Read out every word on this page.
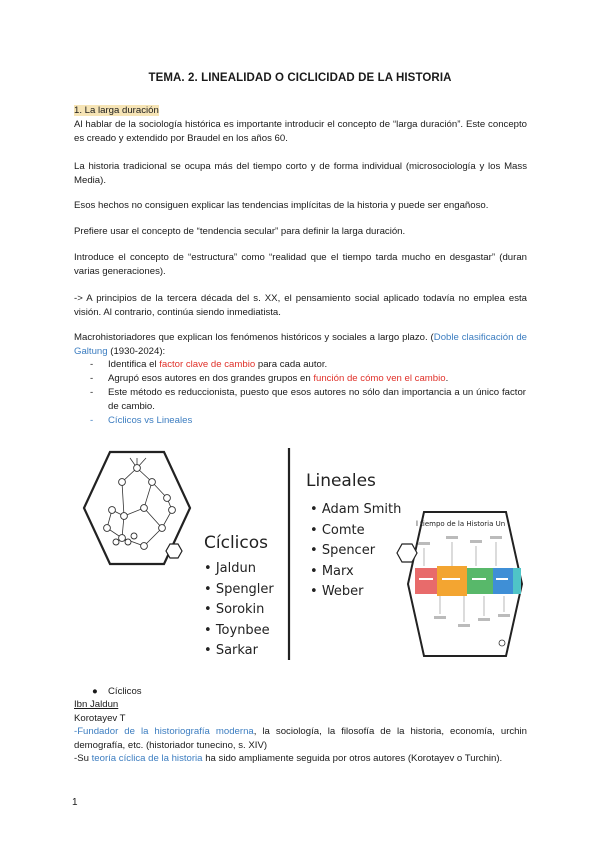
TEMA. 2. LINEALIDAD O CICLICIDAD DE LA HISTORIA
1. La larga duración
Al hablar de la sociología histórica es importante introducir el concepto de “larga duración”. Este concepto es creado y extendido por Braudel en los años 60.
La historia tradicional se ocupa más del tiempo corto y de forma individual (microsociología y los Mass Media).
Esos hechos no consiguen explicar las tendencias implícitas de la historia y puede ser engañoso.
Prefiere usar el concepto de “tendencia secular” para definir la larga duración.
Introduce el concepto de “estructura” como “realidad que el tiempo tarda mucho en desgastar” (duran varias generaciones).
-> A principios de la tercera década del s. XX, el pensamiento social aplicado todavía no emplea esta visión. Al contrario, continúa siendo inmediatista.
Macrohistoriadores que explican los fenómenos históricos y sociales a largo plazo. (Doble clasificación de Galtung (1930-2024):
- Identifica el factor clave de cambio para cada autor.
- Agrupó esos autores en dos grandes grupos en función de cómo ven el cambio.
- Este método es reduccionista, puesto que esos autores no sólo dan importancia a un único factor de cambio.
- Cíclicos vs Lineales
Cíclicos
• Jaldun
• Spengler
• Sorokin
• Toynbee
• Sarkar
Lineales
• Adam Smith
• Comte
• Spencer
• Marx
• Weber
l tiempo de la Historia Un
● Cíclicos
Ibn Jaldun
Korotayev T
-Fundador de la historiografía moderna, la sociología, la filosofía de la historia, economía, urchin demografía, etc. (historiador tunecino, s. XIV)
-Su teoría cíclica de la historia ha sido ampliamente seguida por otros autores (Korotayev o Turchin).
1
